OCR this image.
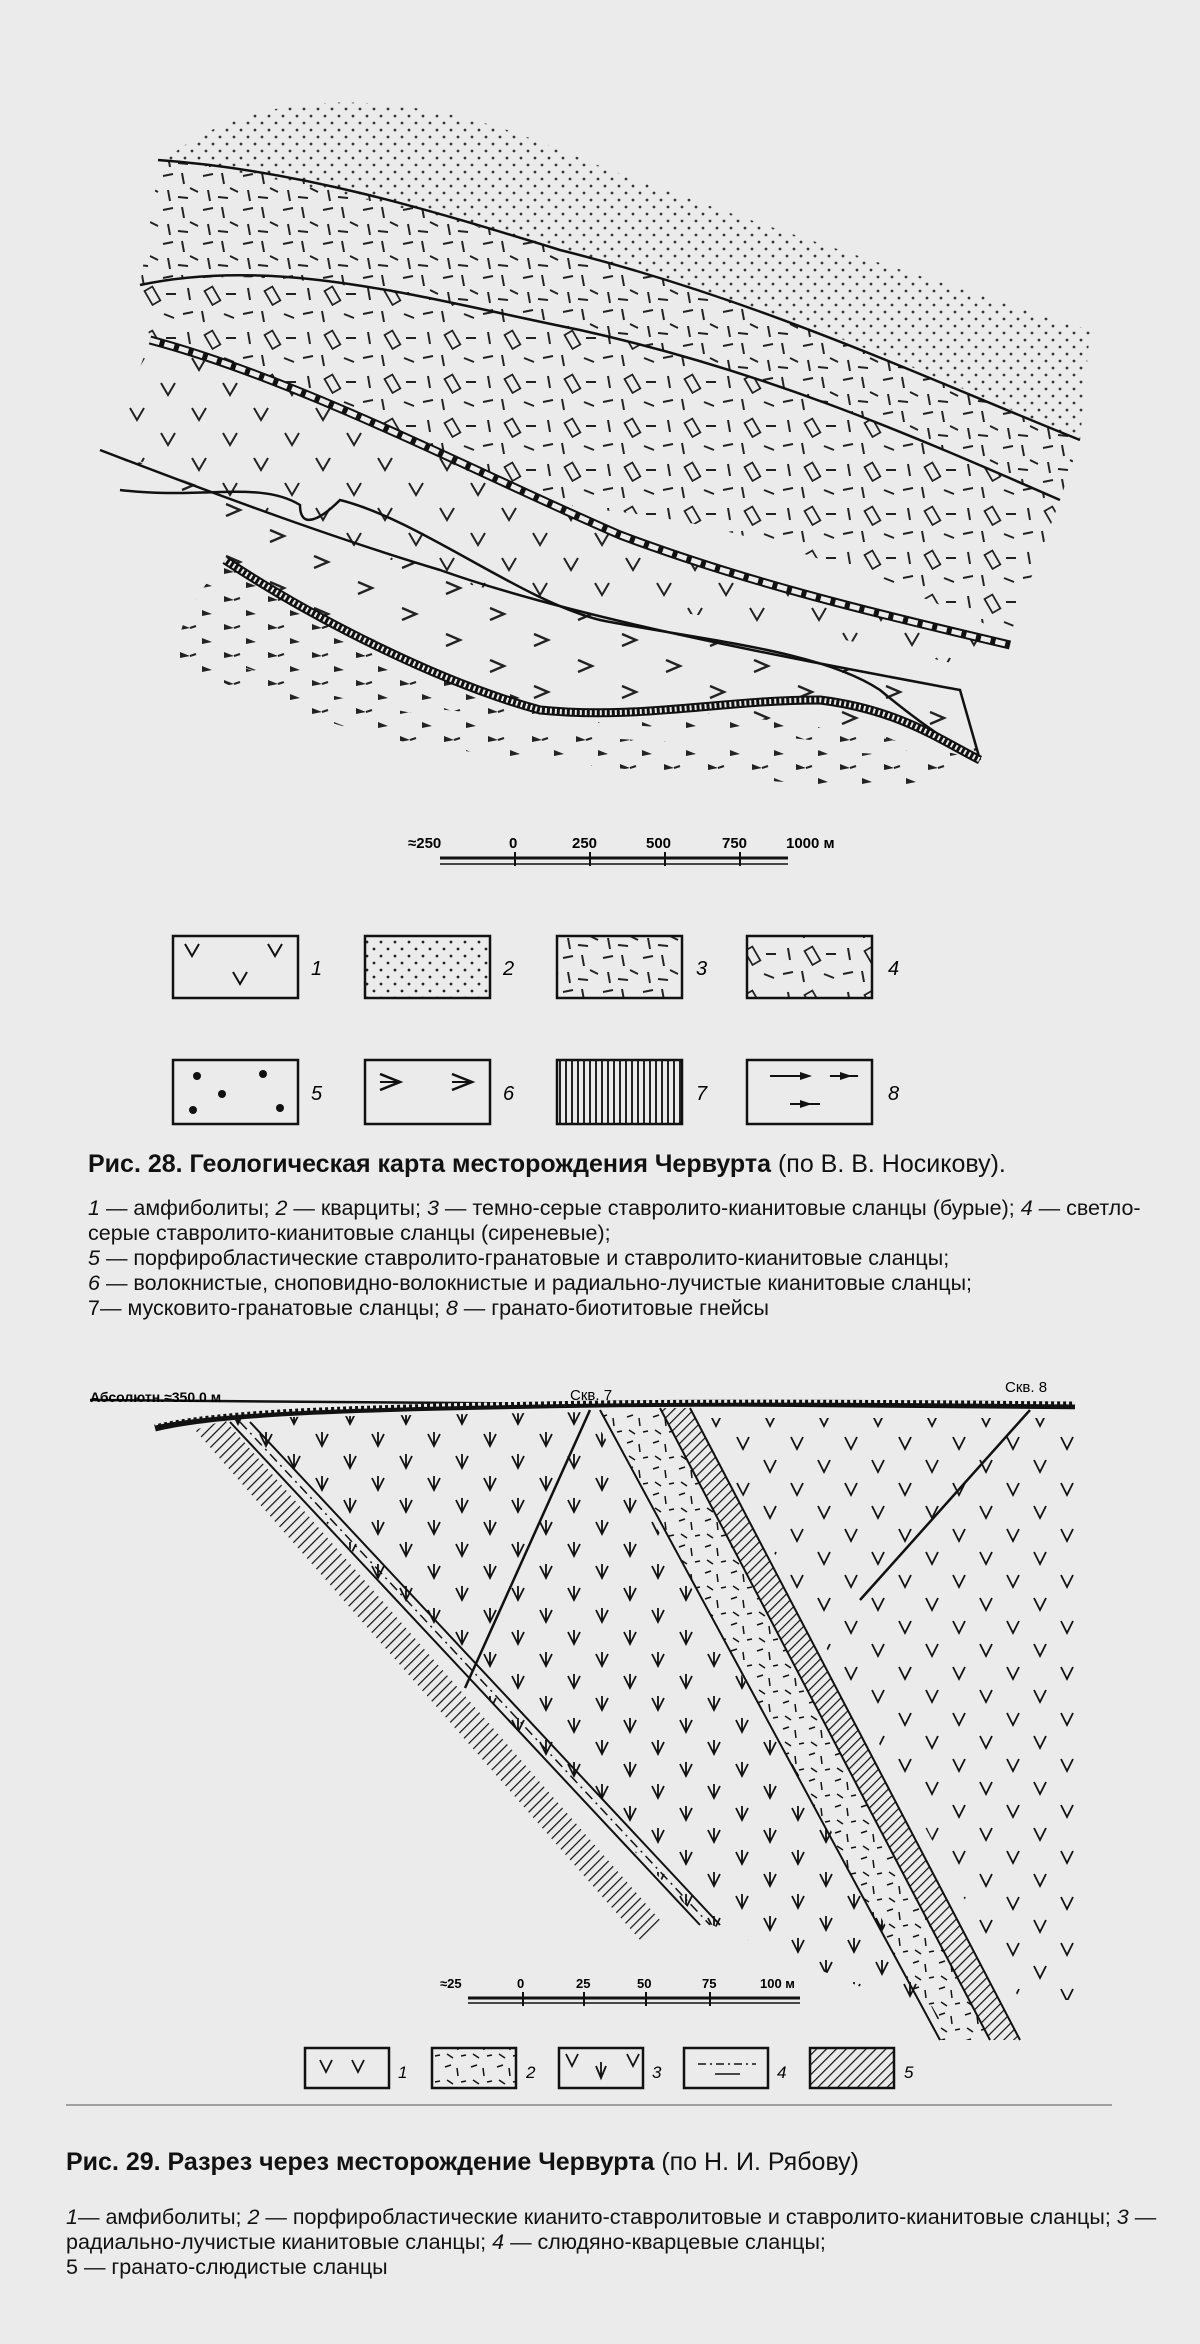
≈250	0	250	500	750	1000 м
1	2	3	4
5	6	7	8
Рис. 28. Геологическая карта месторождения Червурта (по В. В. Носикову).
1 — амфиболиты; 2 — кварциты; 3 — темно-серые ставролито-кианитовые сланцы (бурые); 4 — светло-серые ставролито-кианитовые сланцы (сиреневые);
5 — порфиробластические ставролито-гранатовые и ставролито-кианитовые сланцы;
6 — волокнистые, сноповидно-волокнистые и радиально-лучистые кианитовые сланцы;
7— мусковито-гранатовые сланцы; 8 — гранато-биотитовые гнейсы
Абсолютн.≈350.0 м	Скв. 7	Скв. 8
≈25	0	25	50	75	100 м
1	2	3	4	5
Рис. 29. Разрез через месторождение Червурта (по Н. И. Рябову)
1— амфиболиты; 2 — порфиробластические кианито-ставролитовые и ставролито-кианитовые сланцы; 3 — радиально-лучистые кианитовые сланцы; 4 — слюдяно-кварцевые сланцы;
5 — гранато-слюдистые сланцы
